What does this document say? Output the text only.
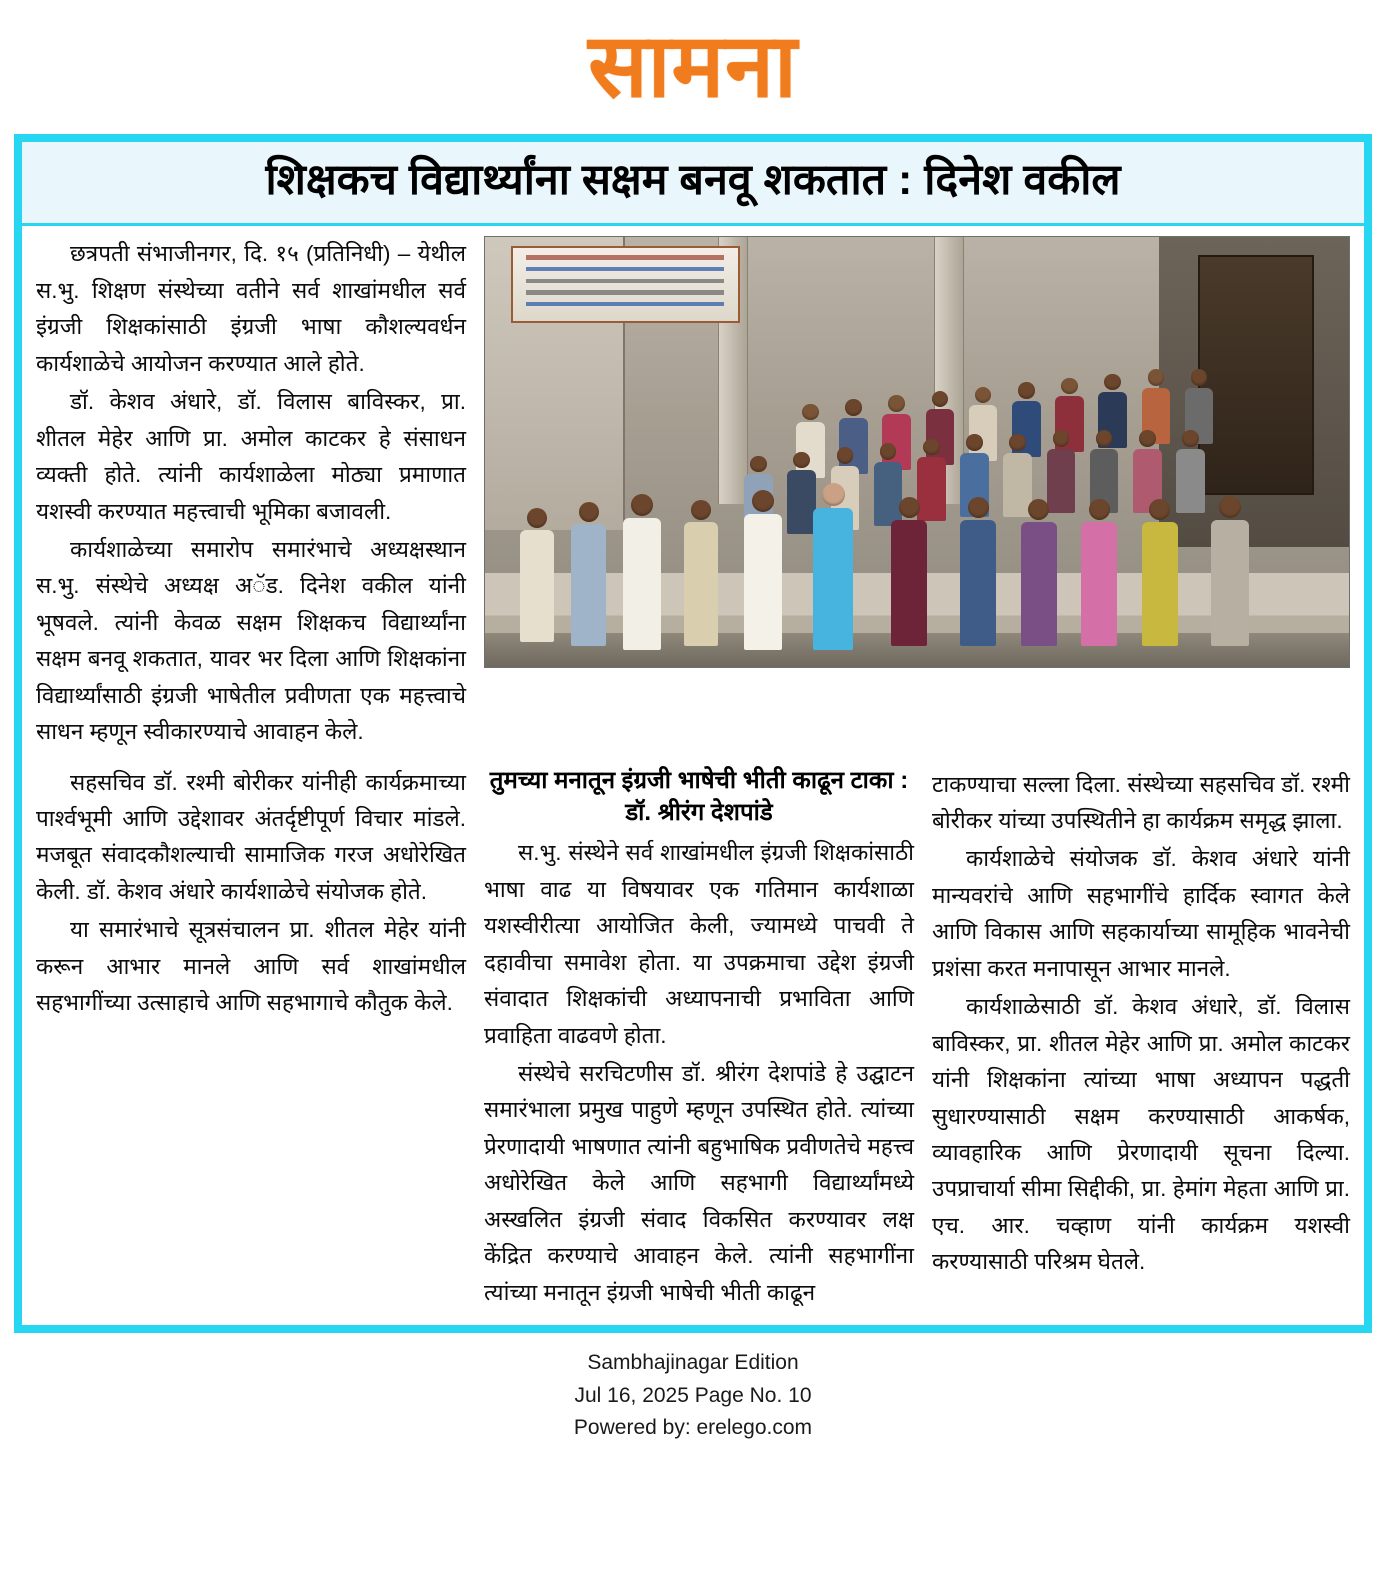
सामना
शिक्षकच विद्यार्थ्यांना सक्षम बनवू शकतात : दिनेश वकील

छत्रपती संभाजीनगर, दि. १५ (प्रतिनिधी) – येथील स.भु. शिक्षण संस्थेच्या वतीने सर्व शाखांमधील सर्व इंग्रजी शिक्षकांसाठी इंग्रजी भाषा कौशल्यवर्धन कार्यशाळेचे आयोजन करण्यात आले होते.

डॉ. केशव अंधारे, डॉ. विलास बाविस्कर, प्रा. शीतल मेहेर आणि प्रा. अमोल काटकर हे संसाधन व्यक्ती होते. त्यांनी कार्यशाळेला मोठ्या प्रमाणात यशस्वी करण्यात महत्त्वाची भूमिका बजावली.

कार्यशाळेच्या समारोप समारंभाचे अध्यक्षस्थान स.भु. संस्थेचे अध्यक्ष अॅड. दिनेश वकील यांनी भूषवले. त्यांनी केवळ सक्षम शिक्षकच विद्यार्थ्यांना सक्षम बनवू शकतात, यावर भर दिला आणि शिक्षकांना विद्यार्थ्यांसाठी इंग्रजी भाषेतील प्रवीणता एक महत्त्वाचे साधन म्हणून स्वीकारण्याचे आवाहन केले.

सहसचिव डॉ. रश्मी बोरीकर यांनीही कार्यक्रमाच्या पार्श्वभूमी आणि उद्देशावर अंतर्दृष्टीपूर्ण विचार मांडले. मजबूत संवादकौशल्याची सामाजिक गरज अधोरेखित केली. डॉ. केशव अंधारे कार्यशाळेचे संयोजक होते.

या समारंभाचे सूत्रसंचालन प्रा. शीतल मेहेर यांनी करून आभार मानले आणि सर्व शाखांमधील सहभागींच्या उत्साहाचे आणि सहभागाचे कौतुक केले.

तुमच्या मनातून इंग्रजी भाषेची भीती काढून टाका : डॉ. श्रीरंग देशपांडे

स.भु. संस्थेने सर्व शाखांमधील इंग्रजी शिक्षकांसाठी भाषा वाढ या विषयावर एक गतिमान कार्यशाळा यशस्वीरीत्या आयोजित केली, ज्यामध्ये पाचवी ते दहावीचा समावेश होता. या उपक्रमाचा उद्देश इंग्रजी संवादात शिक्षकांची अध्यापनाची प्रभाविता आणि प्रवाहिता वाढवणे होता.

संस्थेचे सरचिटणीस डॉ. श्रीरंग देशपांडे हे उद्घाटन समारंभाला प्रमुख पाहुणे म्हणून उपस्थित होते. त्यांच्या प्रेरणादायी भाषणात त्यांनी बहुभाषिक प्रवीणतेचे महत्त्व अधोरेखित केले आणि सहभागी विद्यार्थ्यांमध्ये अस्खलित इंग्रजी संवाद विकसित करण्यावर लक्ष केंद्रित करण्याचे आवाहन केले. त्यांनी सहभागींना त्यांच्या मनातून इंग्रजी भाषेची भीती काढून

टाकण्याचा सल्ला दिला. संस्थेच्या सहसचिव डॉ. रश्मी बोरीकर यांच्या उपस्थितीने हा कार्यक्रम समृद्ध झाला.

कार्यशाळेचे संयोजक डॉ. केशव अंधारे यांनी मान्यवरांचे आणि सहभागींचे हार्दिक स्वागत केले आणि विकास आणि सहकार्याच्या सामूहिक भावनेची प्रशंसा करत मनापासून आभार मानले.

कार्यशाळेसाठी डॉ. केशव अंधारे, डॉ. विलास बाविस्कर, प्रा. शीतल मेहेर आणि प्रा. अमोल काटकर यांनी शिक्षकांना त्यांच्या भाषा अध्यापन पद्धती सुधारण्यासाठी सक्षम करण्यासाठी आकर्षक, व्यावहारिक आणि प्रेरणादायी सूचना दिल्या. उपप्राचार्या सीमा सिद्दीकी, प्रा. हेमांग मेहता आणि प्रा. एच. आर. चव्हाण यांनी कार्यक्रम यशस्वी करण्यासाठी परिश्रम घेतले.

Sambhajinagar Edition
Jul 16, 2025 Page No. 10
Powered by: erelego.com
